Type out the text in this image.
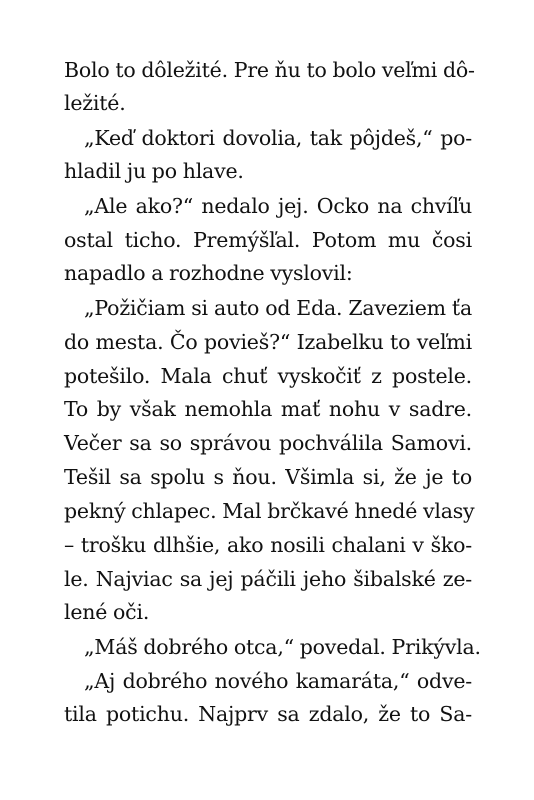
Bolo to dôležité. Pre ňu to bolo veľmi dô-
ležité.
„Keď doktori dovolia, tak pôjdeš,“ po-
hladil ju po hlave.
„Ale ako?“ nedalo jej. Ocko na chvíľu
ostal ticho. Premýšľal. Potom mu čosi
napadlo a rozhodne vyslovil:
„Požičiam si auto od Eda. Zaveziem ťa
do mesta. Čo povieš?“ Izabelku to veľmi
potešilo. Mala chuť vyskočiť z postele.
To by však nemohla mať nohu v sadre.
Večer sa so správou pochválila Samovi.
Tešil sa spolu s ňou. Všimla si, že je to
pekný chlapec. Mal brčkavé hnedé vlasy
– trošku dlhšie, ako nosili chalani v ško-
le. Najviac sa jej páčili jeho šibalské ze-
lené oči.
„Máš dobrého otca,“ povedal. Prikývla.
„Aj dobrého nového kamaráta,“ odve-
tila potichu. Najprv sa zdalo, že to Sa-
